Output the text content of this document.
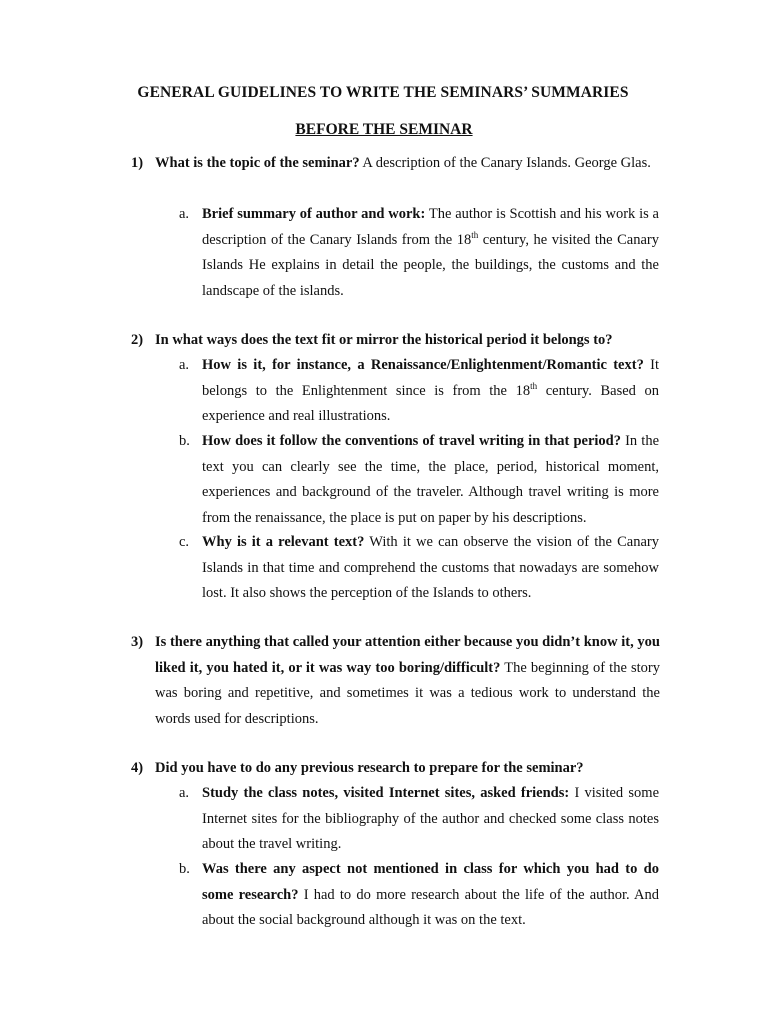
GENERAL GUIDELINES TO WRITE THE SEMINARS’ SUMMARIES
BEFORE THE SEMINAR
1) What is the topic of the seminar? A description of the Canary Islands. George Glas.
a. Brief summary of author and work: The author is Scottish and his work is a description of the Canary Islands from the 18th century, he visited the Canary Islands He explains in detail the people, the buildings, the customs and the landscape of the islands.
2) In what ways does the text fit or mirror the historical period it belongs to?
a. How is it, for instance, a Renaissance/Enlightenment/Romantic text? It belongs to the Enlightenment since is from the 18th century. Based on experience and real illustrations.
b. How does it follow the conventions of travel writing in that period? In the text you can clearly see the time, the place, period, historical moment, experiences and background of the traveler. Although travel writing is more from the renaissance, the place is put on paper by his descriptions.
c. Why is it a relevant text? With it we can observe the vision of the Canary Islands in that time and comprehend the customs that nowadays are somehow lost. It also shows the perception of the Islands to others.
3) Is there anything that called your attention either because you didn’t know it, you liked it, you hated it, or it was way too boring/difficult? The beginning of the story was boring and repetitive, and sometimes it was a tedious work to understand the words used for descriptions.
4) Did you have to do any previous research to prepare for the seminar?
a. Study the class notes, visited Internet sites, asked friends: I visited some Internet sites for the bibliography of the author and checked some class notes about the travel writing.
b. Was there any aspect not mentioned in class for which you had to do some research? I had to do more research about the life of the author. And about the social background although it was on the text.
